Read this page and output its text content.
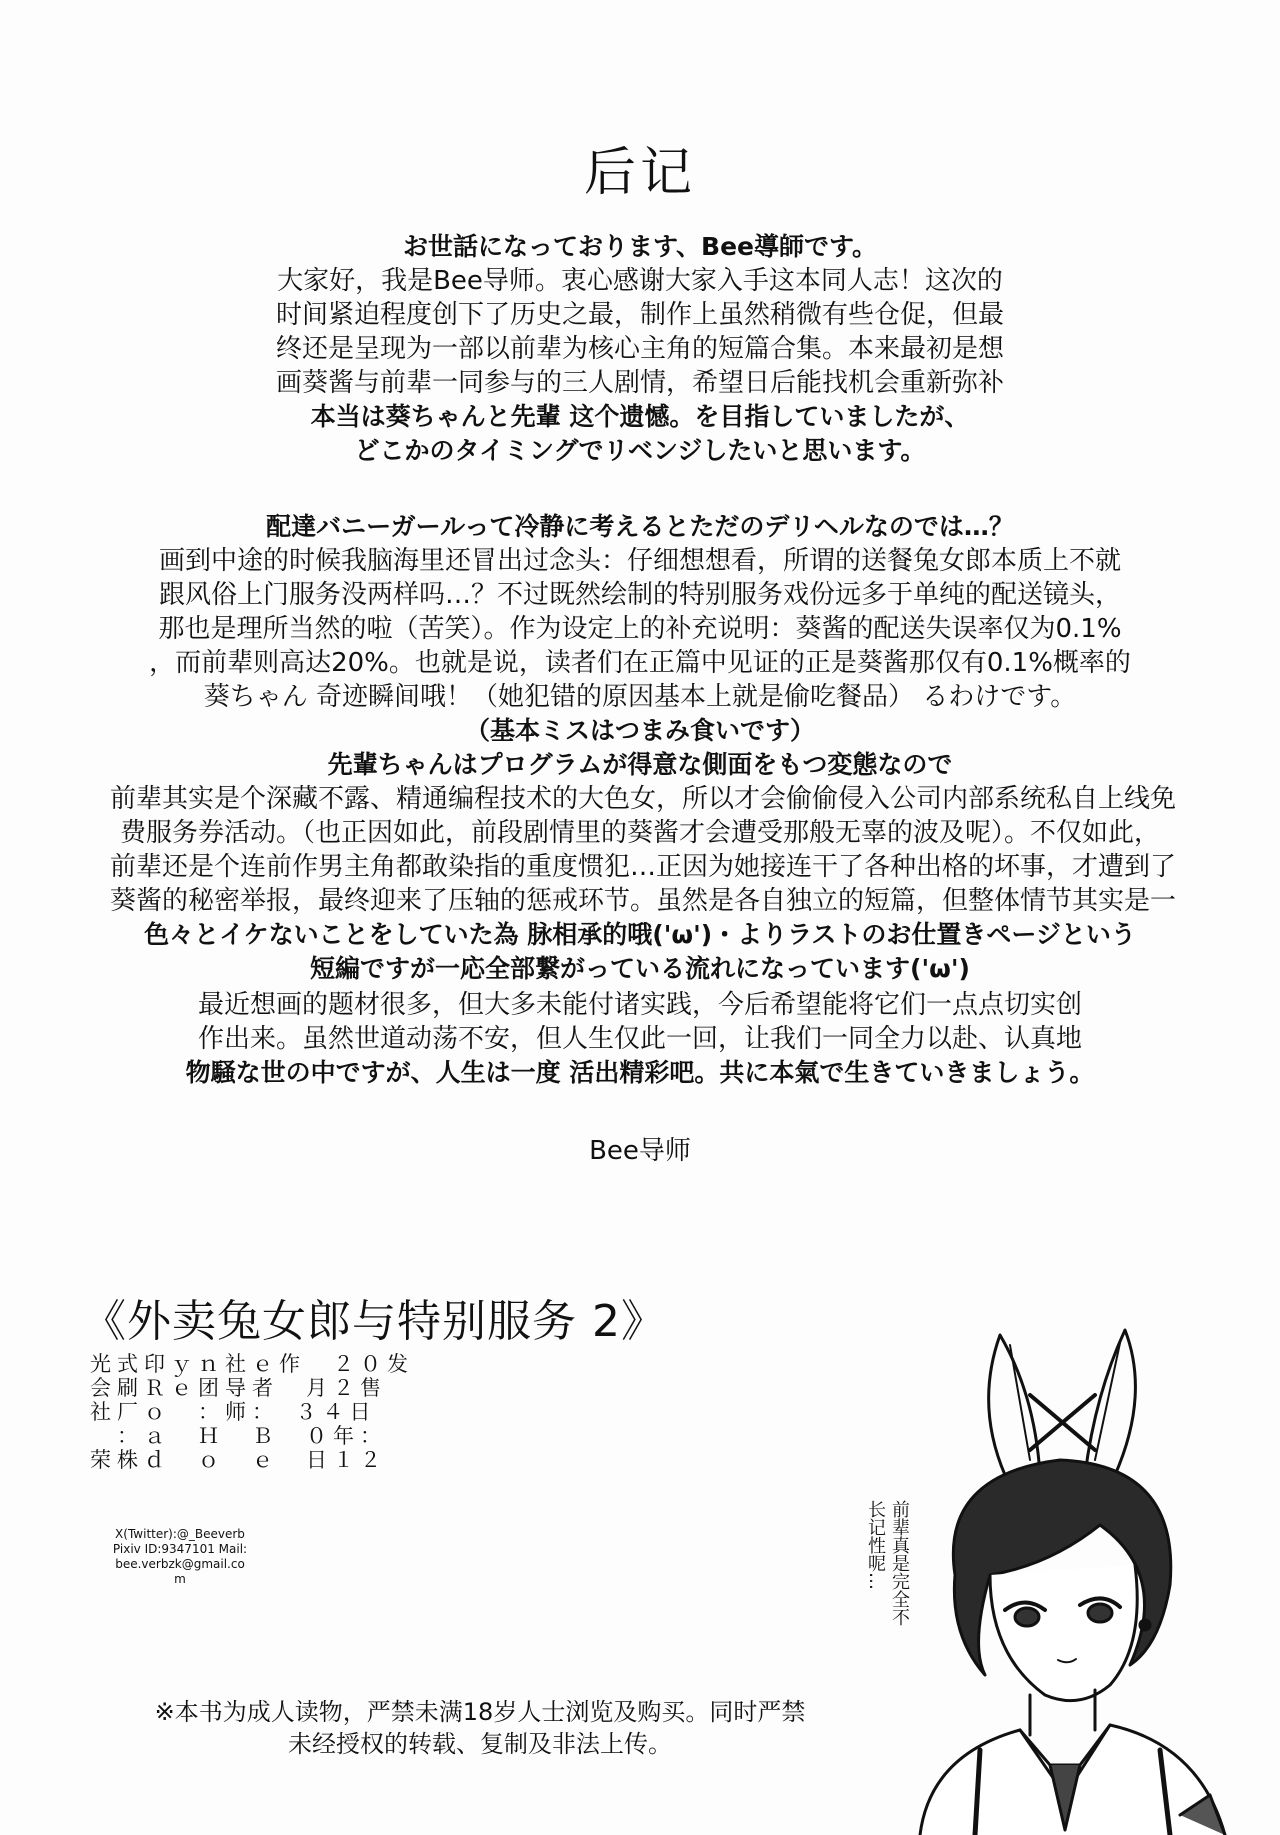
后记
お世話になっております、Bee導師です。
大家好，我是Bee导师。衷心感谢大家入手这本同人志！这次的
时间紧迫程度创下了历史之最，制作上虽然稍微有些仓促，但最
终还是呈现为一部以前辈为核心主角的短篇合集。本来最初是想
画葵酱与前辈一同参与的三人剧情，希望日后能找机会重新弥补
本当は葵ちゃんと先輩 这个遗憾。を目指していましたが、
どこかのタイミングでリベンジしたいと思います。
配達バニーガールって冷静に考えるとただのデリヘルなのでは…？
画到中途的时候我脑海里还冒出过念头：仔细想想看，所谓的送餐兔女郎本质上不就
跟风俗上门服务没两样吗…？不过既然绘制的特别服务戏份远多于单纯的配送镜头，
那也是理所当然的啦（苦笑）。作为设定上的补充说明：葵酱的配送失误率仅为0.1%
，而前辈则高达20%。也就是说，读者们在正篇中见证的正是葵酱那仅有0.1%概率的
葵ちゃん 奇迹瞬间哦！（她犯错的原因基本上就是偷吃餐品） るわけです。
（基本ミスはつまみ食いです）
先輩ちゃんはプログラムが得意な側面をもつ変態なので
前辈其实是个深藏不露、精通编程技术的大色女，所以才会偷偷侵入公司内部系统私自上线免
费服务券活动。（也正因如此，前段剧情里的葵酱才会遭受那般无辜的波及呢）。不仅如此，
前辈还是个连前作男主角都敢染指的重度惯犯…正因为她接连干了各种出格的坏事，才遭到了
葵酱的秘密举报，最终迎来了压轴的惩戒环节。虽然是各自独立的短篇，但整体情节其实是一
色々とイケないことをしていた為 脉相承的哦('ω')・よりラストのお仕置きページという
短編ですが一応全部繋がっている流れになっています('ω')
最近想画的题材很多，但大多未能付诸实践，今后希望能将它们一点点切实创
作出来。虽然世道动荡不安，但人生仅此一回，让我们一同全力以赴、认真地
物騒な世の中ですが、人生は一度 活出精彩吧。共に本氣で生きていきましょう。
Bee导师
《外卖兔女郎与特别服务 2》
光式印ｙｎ社ｅ作　２０发
会刷Ｒｅ团导者　月２售
社厂ｏ　：师：　３４日
　：ａ　Ｈ　Ｂ　０年：
荣株ｄ　ｏ　ｅ　日１２
X(Twitter):@_Beeverb Pixiv ID:9347101 Mail:bee.verbzk@gmail.com
※本书为成人读物，严禁未满18岁人士浏览及购买。同时严禁未经授权的转载、复制及非法上传。
前辈真是完全不
长记性呢…
